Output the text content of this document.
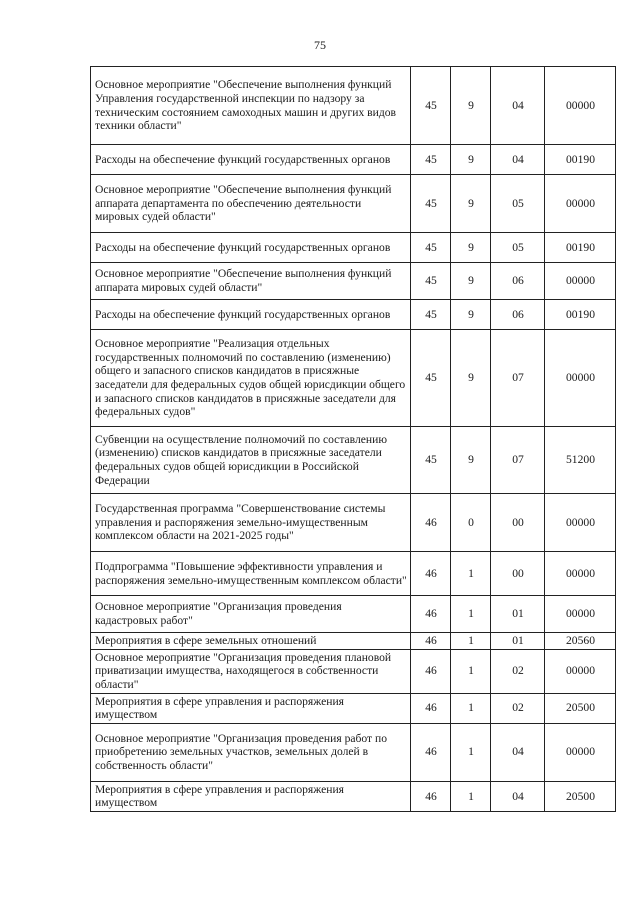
75
Основное мероприятие "Обеспечение выполнения функций Управления государственной инспекции по надзору за техническим состоянием самоходных машин и других видов техники области"	45	9	04	00000
Расходы на обеспечение функций государственных органов	45	9	04	00190
Основное мероприятие "Обеспечение выполнения функций аппарата департамента по обеспечению деятельности мировых судей области"	45	9	05	00000
Расходы на обеспечение функций государственных органов	45	9	05	00190
Основное мероприятие "Обеспечение выполнения функций аппарата мировых судей области"	45	9	06	00000
Расходы на обеспечение функций государственных органов	45	9	06	00190
Основное мероприятие "Реализация отдельных государственных полномочий по составлению (изменению) общего и запасного списков кандидатов в присяжные заседатели для федеральных судов общей юрисдикции общего и запасного списков кандидатов в присяжные заседатели для федеральных судов"	45	9	07	00000
Субвенции на осуществление полномочий по составлению (изменению) списков кандидатов в присяжные заседатели федеральных судов общей юрисдикции в Российской Федерации	45	9	07	51200
Государственная программа "Совершенствование системы управления и распоряжения земельно-имущественным комплексом области на 2021-2025 годы"	46	0	00	00000
Подпрограмма "Повышение эффективности управления и распоряжения земельно-имущественным комплексом области"	46	1	00	00000
Основное мероприятие "Организация проведения кадастровых работ"	46	1	01	00000
Мероприятия в сфере земельных отношений	46	1	01	20560
Основное мероприятие "Организация проведения плановой приватизации имущества, находящегося в собственности области"	46	1	02	00000
Мероприятия в сфере управления и распоряжения имуществом	46	1	02	20500
Основное мероприятие "Организация проведения работ по приобретению земельных участков, земельных долей в собственность области"	46	1	04	00000
Мероприятия в сфере управления и распоряжения имуществом	46	1	04	20500
